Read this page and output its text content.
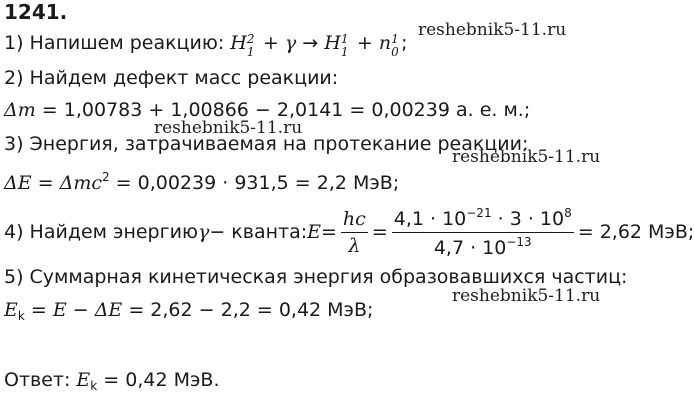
1241.
reshebnik5-11.ru
reshebnik5-11.ru
reshebnik5-11.ru
reshebnik5-11.ru
1) Напишем реакцию: H 2
1 + γ → H 1
1 + n 1
0 ;
2) Найдем дефект масс реакции:
Δm = 1,00783 + 1,00866 − 2,0141 = 0,00239 а. е. м.;
3) Энергия, затрачиваемая на протекание реакции:
ΔE = Δmc$^2$ = 0,00239 · 931,5 = 2,2 МэВ;
4) Найдем энергию γ − кванта: $E = \frac{hc}{\lambda} = \frac{4,1 \cdot 10^{-21} \cdot 3 \cdot 10^8}{4,7 \cdot 10^{-13}} = 2,62$ МэВ;
5) Суммарная кинетическая энергия образовавшихся частиц:
$E_k = E - \Delta E = 2,62 - 2,2 = 0,42$ МэВ;
Ответ: $E_k = 0,42$ МэВ.
